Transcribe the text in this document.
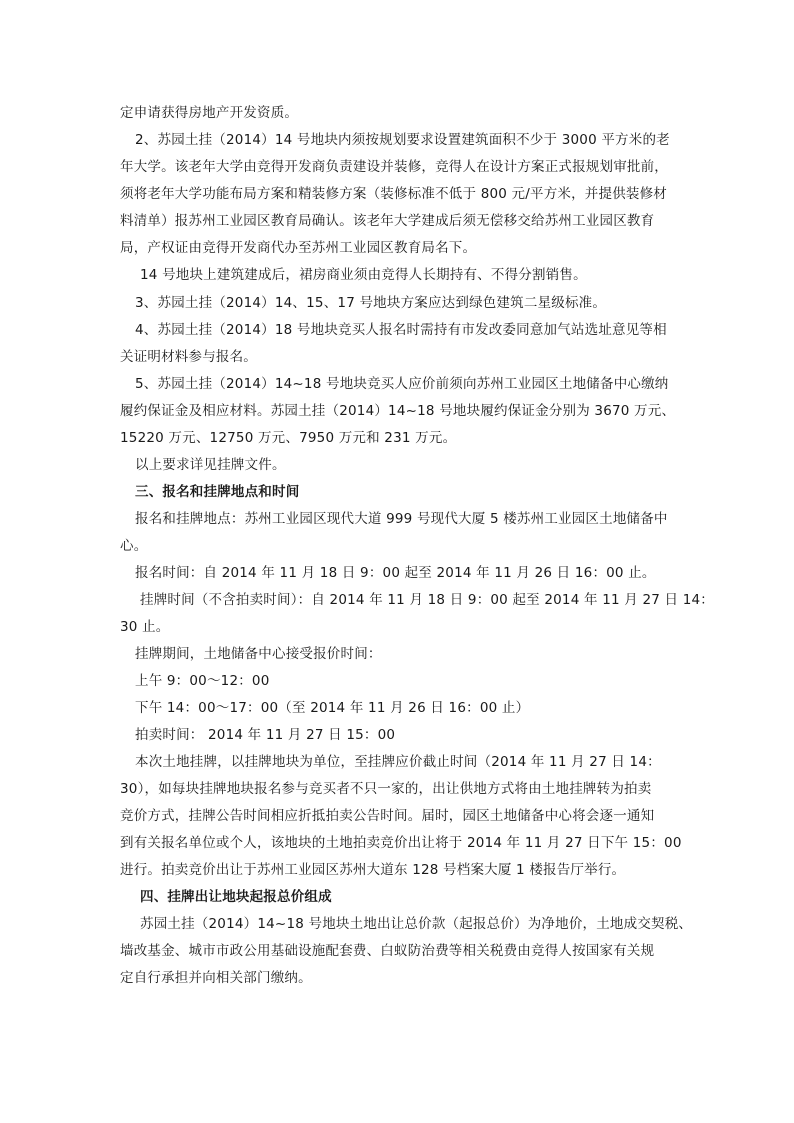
定申请获得房地产开发资质。
2、苏园土挂（2014）14 号地块内须按规划要求设置建筑面积不少于 3000 平方米的老
年大学。该老年大学由竞得开发商负责建设并装修，竞得人在设计方案正式报规划审批前，
须将老年大学功能布局方案和精装修方案（装修标准不低于 800 元/平方米，并提供装修材
料清单）报苏州工业园区教育局确认。该老年大学建成后须无偿移交给苏州工业园区教育
局，产权证由竞得开发商代办至苏州工业园区教育局名下。
14 号地块上建筑建成后，裙房商业须由竞得人长期持有、不得分割销售。
3、苏园土挂（2014）14、15、17 号地块方案应达到绿色建筑二星级标准。
4、苏园土挂（2014）18 号地块竞买人报名时需持有市发改委同意加气站选址意见等相
关证明材料参与报名。
5、苏园土挂（2014）14~18 号地块竞买人应价前须向苏州工业园区土地储备中心缴纳
履约保证金及相应材料。苏园土挂（2014）14~18 号地块履约保证金分别为 3670 万元、
15220 万元、12750 万元、7950 万元和 231 万元。
以上要求详见挂牌文件。
三、报名和挂牌地点和时间
报名和挂牌地点：苏州工业园区现代大道 999 号现代大厦 5 楼苏州工业园区土地储备中
心。
报名时间：自 2014 年 11 月 18 日 9：00 起至 2014 年 11 月 26 日 16：00 止。
挂牌时间（不含拍卖时间）：自 2014 年 11 月 18 日 9：00 起至 2014 年 11 月 27 日 14：
30 止。
挂牌期间，土地储备中心接受报价时间：
上午 9：00～12：00
下午 14：00～17：00（至 2014 年 11 月 26 日 16：00 止）
拍卖时间： 2014 年 11 月 27 日 15：00
本次土地挂牌，以挂牌地块为单位，至挂牌应价截止时间（2014 年 11 月 27 日 14：
30），如每块挂牌地块报名参与竞买者不只一家的，出让供地方式将由土地挂牌转为拍卖
竞价方式，挂牌公告时间相应折抵拍卖公告时间。届时，园区土地储备中心将会逐一通知
到有关报名单位或个人，该地块的土地拍卖竞价出让将于 2014 年 11 月 27 日下午 15：00
进行。拍卖竞价出让于苏州工业园区苏州大道东 128 号档案大厦 1 楼报告厅举行。
四、挂牌出让地块起报总价组成
苏园土挂（2014）14~18 号地块土地出让总价款（起报总价）为净地价，土地成交契税、
墙改基金、城市市政公用基础设施配套费、白蚁防治费等相关税费由竞得人按国家有关规
定自行承担并向相关部门缴纳。
